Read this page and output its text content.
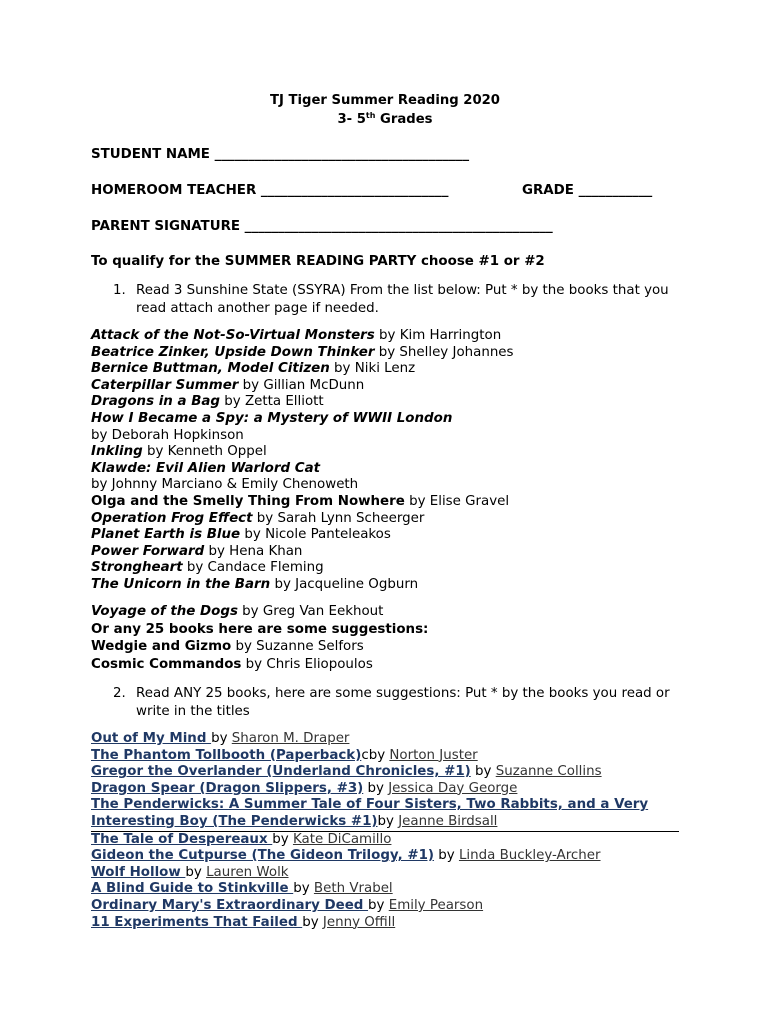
TJ Tiger Summer Reading 2020
3- 5th Grades
STUDENT NAME ______________________________________
HOMEROOM TEACHER ____________________________	GRADE ___________
PARENT SIGNATURE ______________________________________________
To qualify for the SUMMER READING PARTY choose #1 or #2
1. Read 3 Sunshine State (SSYRA) From the list below: Put * by the books that you read attach another page if needed.
Attack of the Not-So-Virtual Monsters by Kim Harrington
Beatrice Zinker, Upside Down Thinker by Shelley Johannes
Bernice Buttman, Model Citizen by Niki Lenz
Caterpillar Summer by Gillian McDunn
Dragons in a Bag by Zetta Elliott
How I Became a Spy: a Mystery of WWII London
by Deborah Hopkinson
Inkling by Kenneth Oppel
Klawde: Evil Alien Warlord Cat
by Johnny Marciano & Emily Chenoweth
Olga and the Smelly Thing From Nowhere by Elise Gravel
Operation Frog Effect by Sarah Lynn Scheerger
Planet Earth is Blue by Nicole Panteleakos
Power Forward by Hena Khan
Strongheart by Candace Fleming
The Unicorn in the Barn by Jacqueline Ogburn
Voyage of the Dogs by Greg Van Eekhout
Or any 25 books here are some suggestions:
Wedgie and Gizmo by Suzanne Selfors
Cosmic Commandos by Chris Eliopoulos
2. Read ANY 25 books, here are some suggestions: Put * by the books you read or write in the titles
Out of My Mind by Sharon M. Draper
The Phantom Tollbooth (Paperback)cby Norton Juster
Gregor the Overlander (Underland Chronicles, #1) by Suzanne Collins
Dragon Spear (Dragon Slippers, #3) by Jessica Day George
The Penderwicks: A Summer Tale of Four Sisters, Two Rabbits, and a Very
Interesting Boy (The Penderwicks #1)by Jeanne Birdsall
The Tale of Despereaux by Kate DiCamillo
Gideon the Cutpurse (The Gideon Trilogy, #1) by Linda Buckley-Archer
Wolf Hollow by Lauren Wolk
A Blind Guide to Stinkville by Beth Vrabel
Ordinary Mary's Extraordinary Deed by Emily Pearson
11 Experiments That Failed by Jenny Offill
